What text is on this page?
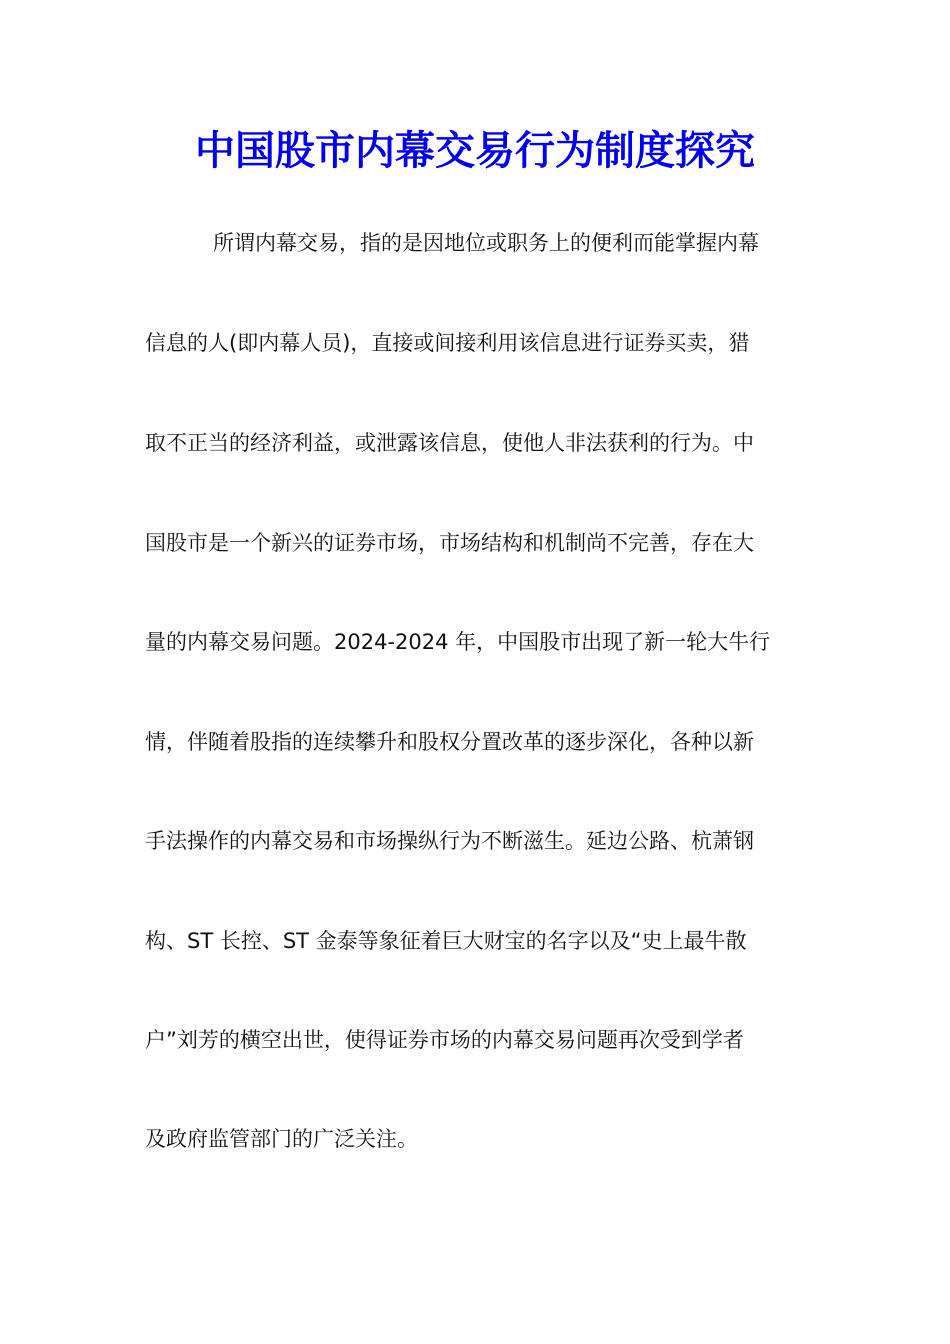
中国股市内幕交易行为制度探究
所谓内幕交易，指的是因地位或职务上的便利而能掌握内幕
信息的人(即内幕人员)，直接或间接利用该信息进行证券买卖，猎
取不正当的经济利益，或泄露该信息，使他人非法获利的行为。中
国股市是一个新兴的证券市场，市场结构和机制尚不完善，存在大
量的内幕交易问题。2024-2024 年，中国股市出现了新一轮大牛行
情，伴随着股指的连续攀升和股权分置改革的逐步深化，各种以新
手法操作的内幕交易和市场操纵行为不断滋生。延边公路、杭萧钢
构、ST 长控、ST 金泰等象征着巨大财宝的名字以及“史上最牛散
户”刘芳的横空出世，使得证券市场的内幕交易问题再次受到学者
及政府监管部门的广泛关注。
